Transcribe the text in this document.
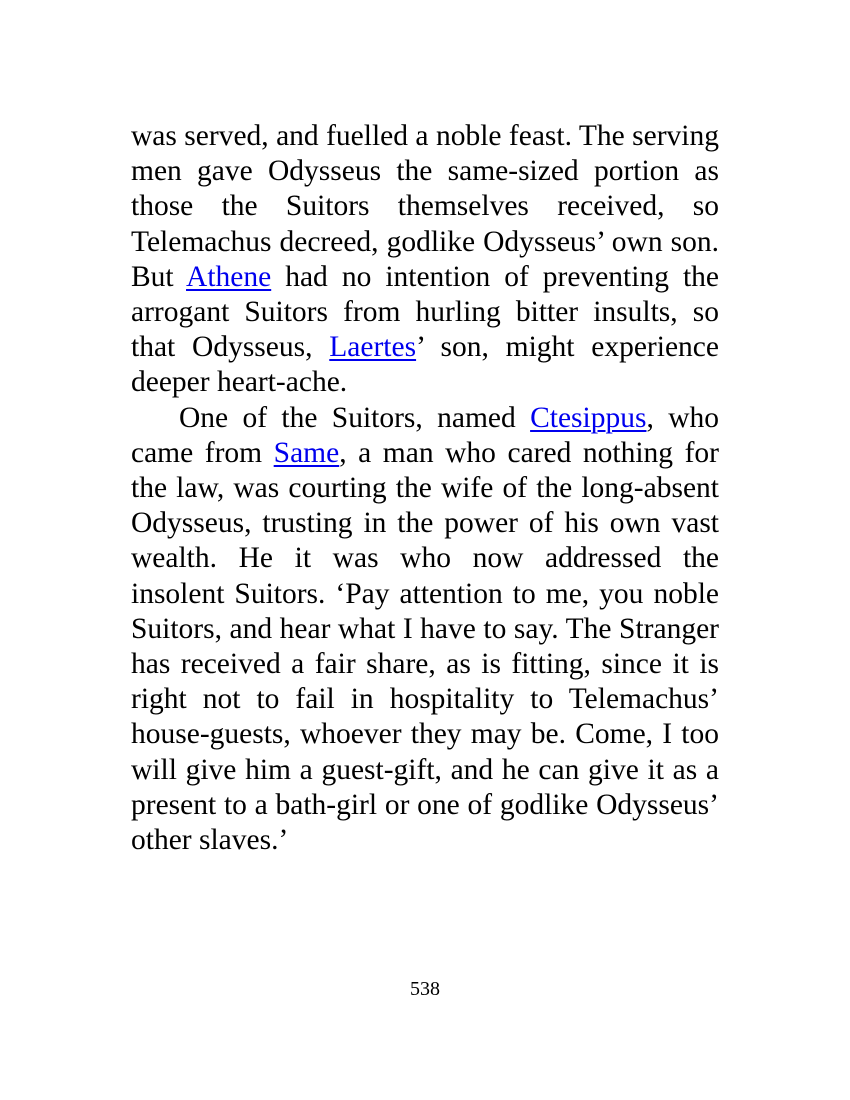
was served, and fuelled a noble feast. The serving men gave Odysseus the same-sized portion as those the Suitors themselves received, so Telemachus decreed, godlike Odysseus’ own son. But Athene had no intention of preventing the arrogant Suitors from hurling bitter insults, so that Odysseus, Laertes’ son, might experience deeper heart-ache.

One of the Suitors, named Ctesippus, who came from Same, a man who cared nothing for the law, was courting the wife of the long-absent Odysseus, trusting in the power of his own vast wealth. He it was who now addressed the insolent Suitors. ‘Pay attention to me, you noble Suitors, and hear what I have to say. The Stranger has received a fair share, as is fitting, since it is right not to fail in hospitality to Telemachus’ house-guests, whoever they may be. Come, I too will give him a guest-gift, and he can give it as a present to a bath-girl or one of godlike Odysseus’ other slaves.’

538
